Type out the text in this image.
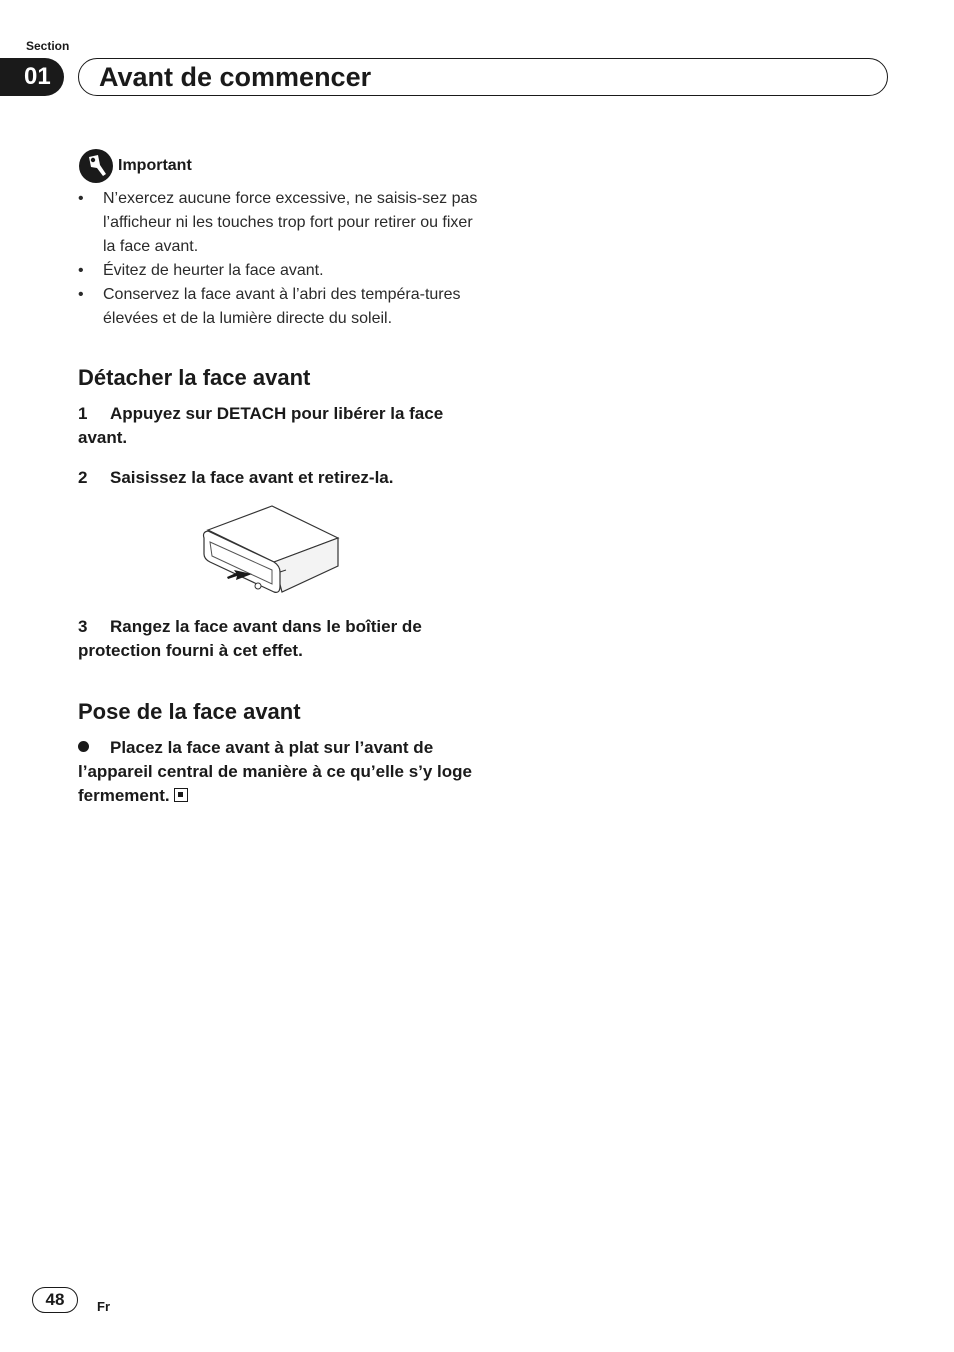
Section
01	Avant de commencer
Important
• N’exercez aucune force excessive, ne saisis-sez pas l’afficheur ni les touches trop fort pour retirer ou fixer la face avant.
• Évitez de heurter la face avant.
• Conservez la face avant à l’abri des tempéra-tures élevées et de la lumière directe du soleil.
Détacher la face avant
1 Appuyez sur DETACH pour libérer la face avant.
2 Saisissez la face avant et retirez-la.
3 Rangez la face avant dans le boîtier de protection fourni à cet effet.
Pose de la face avant
Placez la face avant à plat sur l’avant de l’appareil central de manière à ce qu’elle s’y loge fermement.
48	Fr
